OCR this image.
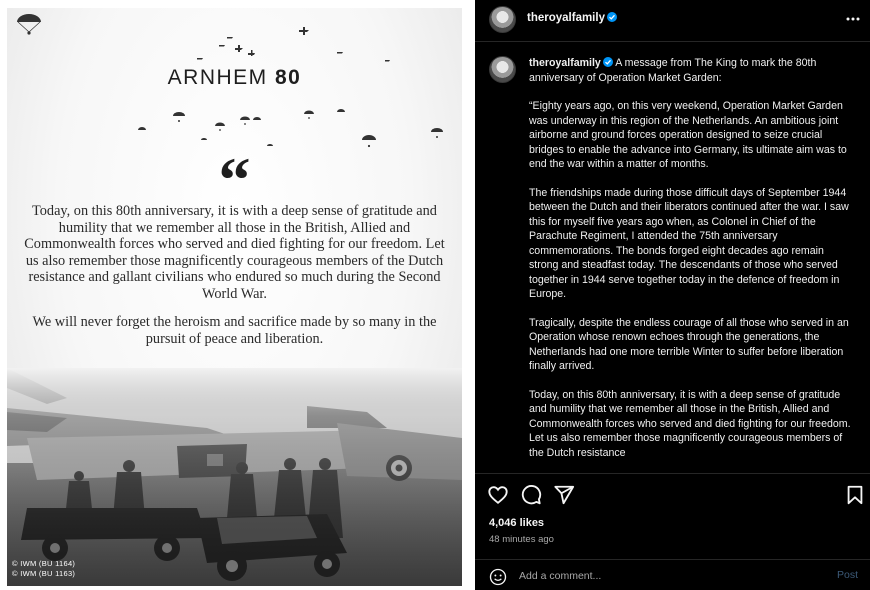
ARNHEM 80
“
Today, on this 80th anniversary, it is with a deep sense of gratitude and humility that we remember all those in the British, Allied and Commonwealth forces who served and died fighting for our freedom. Let us also remember those magnificently courageous members of the Dutch resistance and gallant civilians who endured so much during the Second World War.
We will never forget the heroism and sacrifice made by so many in the pursuit of peace and liberation.
© IWM (BU 1164)
© IWM (BU 1163)
theroyalfamily
theroyalfamily
A message from The King to mark the 80th anniversary of Operation Market Garden:
“Eighty years ago, on this very weekend, Operation Market Garden was underway in this region of the Netherlands. An ambitious joint airborne and ground forces operation designed to seize crucial bridges to enable the advance into Germany, its ultimate aim was to end the war within a matter of months.
The friendships made during those difficult days of September 1944 between the Dutch and their liberators continued after the war. I saw this for myself five years ago when, as Colonel in Chief of the Parachute Regiment, I attended the 75th anniversary commemorations. The bonds forged eight decades ago remain strong and steadfast today. The descendants of those who served together in 1944 serve together today in the defence of freedom in Europe.
Tragically, despite the endless courage of all those who served in an Operation whose renown echoes through the generations, the Netherlands had one more terrible Winter to suffer before liberation finally arrived.
Today, on this 80th anniversary, it is with a deep sense of gratitude and humility that we remember all those in the British, Allied and Commonwealth forces who served and died fighting for our freedom. Let us also remember those magnificently courageous members of the Dutch resistance
4,046 likes
48 minutes ago
Add a comment...
Post
